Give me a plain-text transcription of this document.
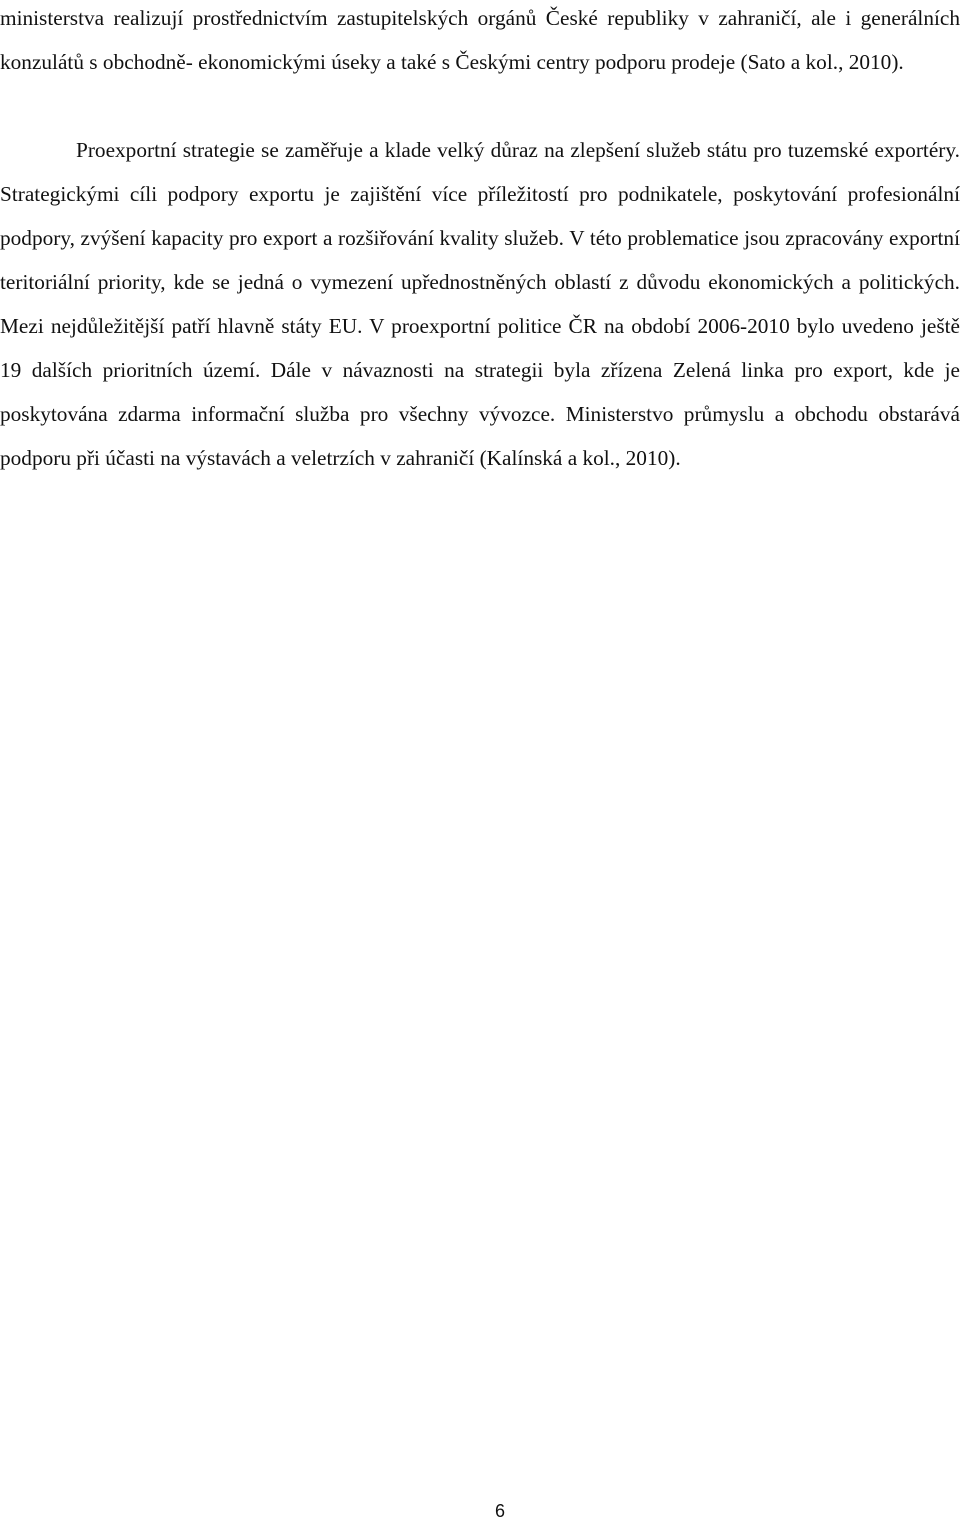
ministerstva realizují prostřednictvím zastupitelských orgánů České republiky v zahraničí, ale i generálních konzulátů s obchodně- ekonomickými úseky a také s Českými centry podporu prodeje (Sato a kol., 2010).

Proexportní strategie se zaměřuje a klade velký důraz na zlepšení služeb státu pro tuzemské exportéry. Strategickými cíli podpory exportu je zajištění více příležitostí pro podnikatele, poskytování profesionální podpory, zvýšení kapacity pro export a rozšiřování kvality služeb. V této problematice jsou zpracovány exportní teritoriální priority, kde se jedná o vymezení upřednostněných oblastí z důvodu ekonomických a politických. Mezi nejdůležitější patří hlavně státy EU. V proexportní politice ČR na období 2006-2010 bylo uvedeno ještě 19 dalších prioritních území. Dále v návaznosti na strategii byla zřízena Zelená linka pro export, kde je poskytována zdarma informační služba pro všechny vývozce. Ministerstvo průmyslu a obchodu obstarává podporu při účasti na výstavách a veletrzích v zahraničí (Kalínská a kol., 2010).

6
